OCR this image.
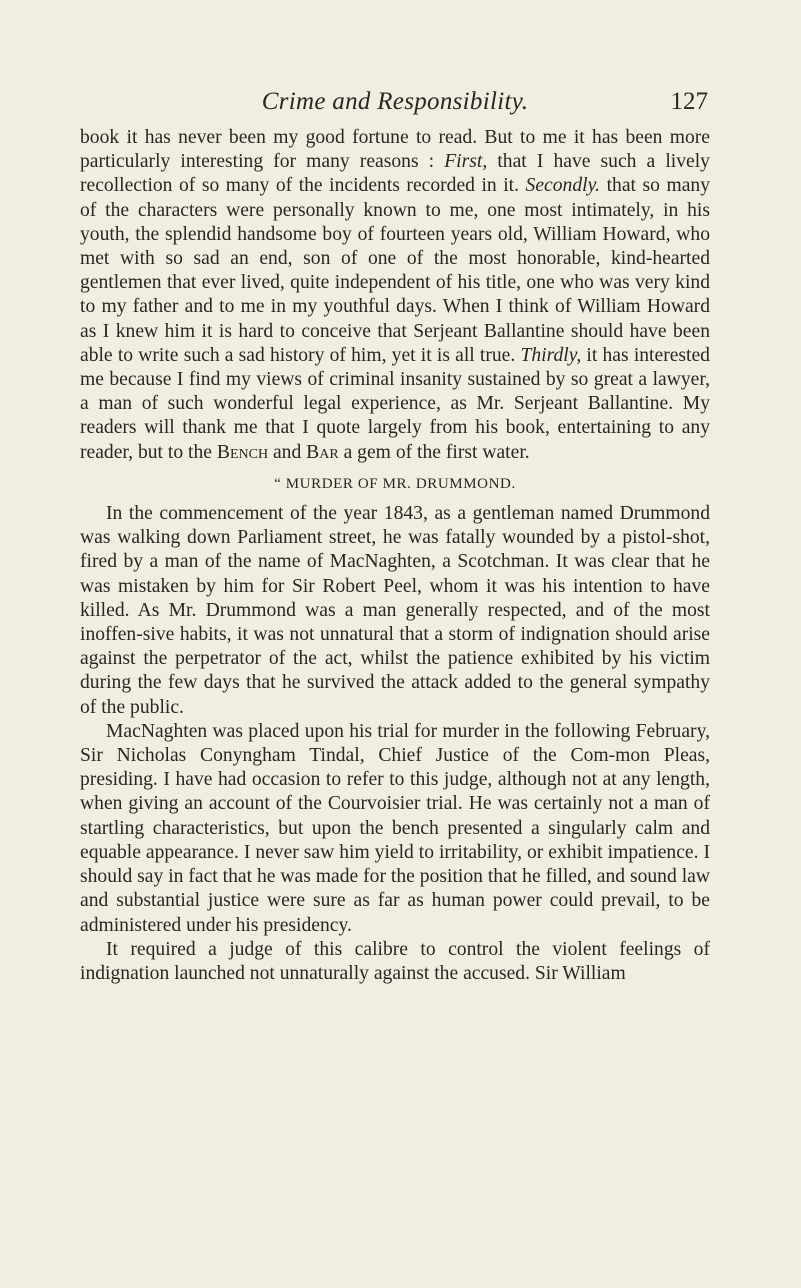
Crime and Responsibility.	127

book it has never been my good fortune to read. But to me it has been more particularly interesting for many reasons : First, that I have such a lively recollection of so many of the incidents recorded in it. Secondly. that so many of the characters were personally known to me, one most intimately, in his youth, the splendid handsome boy of fourteen years old, William Howard, who met with so sad an end, son of one of the most honorable, kind-hearted gentlemen that ever lived, quite independent of his title, one who was very kind to my father and to me in my youthful days. When I think of William Howard as I knew him it is hard to conceive that Serjeant Ballantine should have been able to write such a sad history of him, yet it is all true. Thirdly, it has interested me because I find my views of criminal insanity sustained by so great a lawyer, a man of such wonderful legal experience, as Mr. Serjeant Ballantine. My readers will thank me that I quote largely from his book, entertaining to any reader, but to the Bench and Bar a gem of the first water.

“ MURDER OF MR. DRUMMOND.

In the commencement of the year 1843, as a gentleman named Drummond was walking down Parliament street, he was fatally wounded by a pistol-shot, fired by a man of the name of MacNaghten, a Scotchman. It was clear that he was mistaken by him for Sir Robert Peel, whom it was his intention to have killed. As Mr. Drummond was a man generally respected, and of the most inoffen-sive habits, it was not unnatural that a storm of indignation should arise against the perpetrator of the act, whilst the patience exhibited by his victim during the few days that he survived the attack added to the general sympathy of the public.

MacNaghten was placed upon his trial for murder in the following February, Sir Nicholas Conyngham Tindal, Chief Justice of the Com-mon Pleas, presiding. I have had occasion to refer to this judge, although not at any length, when giving an account of the Courvoisier trial. He was certainly not a man of startling characteristics, but upon the bench presented a singularly calm and equable appearance. I never saw him yield to irritability, or exhibit impatience. I should say in fact that he was made for the position that he filled, and sound law and substantial justice were sure as far as human power could prevail, to be administered under his presidency.

It required a judge of this calibre to control the violent feelings of indignation launched not unnaturally against the accused. Sir William
